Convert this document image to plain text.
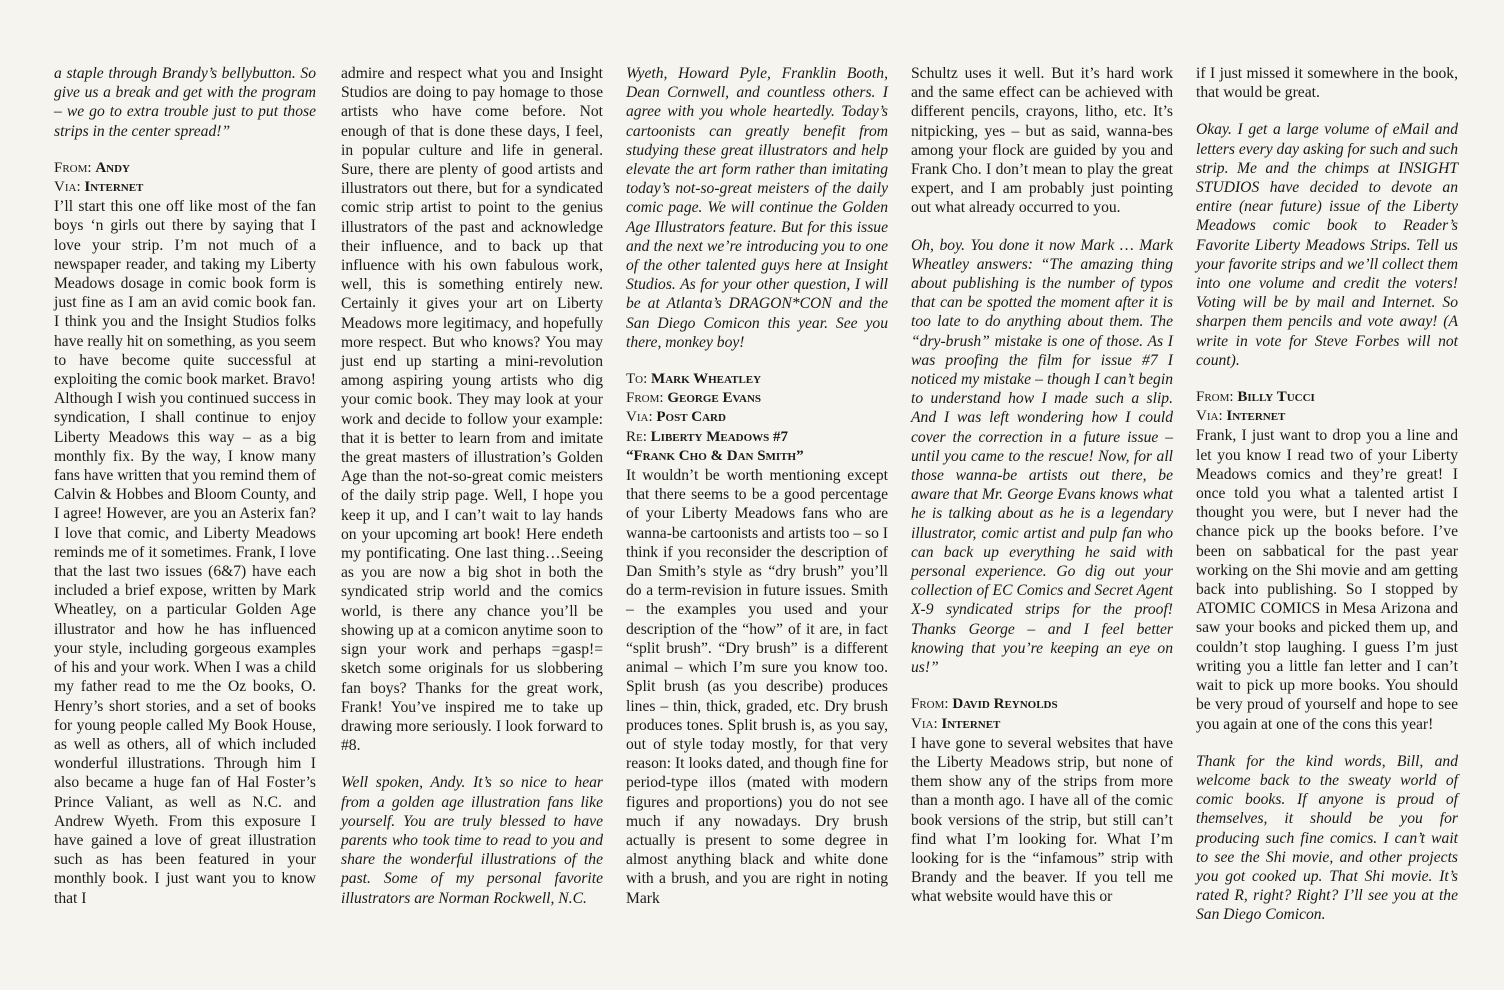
a staple through Brandy’s bellybutton. So give us a break and get with the program – we go to extra trouble just to put those strips in the center spread!”

From: Andy

Via: Internet

I’ll start this one off like most of the fan boys ‘n girls out there by saying that I love your strip. I’m not much of a newspaper reader, and taking my Liberty Meadows dosage in comic book form is just fine as I am an avid comic book fan. I think you and the Insight Studios folks have really hit on something, as you seem to have become quite successful at exploiting the comic book market. Bravo! Although I wish you continued success in syndication, I shall continue to enjoy Liberty Meadows this way – as a big monthly fix. By the way, I know many fans have written that you remind them of Calvin & Hobbes and Bloom County, and I agree! However, are you an Asterix fan? I love that comic, and Liberty Meadows reminds me of it sometimes. Frank, I love that the last two issues (6&7) have each included a brief expose, written by Mark Wheatley, on a particular Golden Age illustrator and how he has influenced your style, including gorgeous examples of his and your work. When I was a child my father read to me the Oz books, O. Henry’s short stories, and a set of books for young people called My Book House, as well as others, all of which included wonderful illustrations. Through him I also became a huge fan of Hal Foster’s Prince Valiant, as well as N.C. and Andrew Wyeth. From this exposure I have gained a love of great illustration such as has been featured in your monthly book. I just want you to know that I

admire and respect what you and Insight Studios are doing to pay homage to those artists who have come before. Not enough of that is done these days, I feel, in popular culture and life in general. Sure, there are plenty of good artists and illustrators out there, but for a syndicated comic strip artist to point to the genius illustrators of the past and acknowledge their influence, and to back up that influence with his own fabulous work, well, this is something entirely new. Certainly it gives your art on Liberty Meadows more legitimacy, and hopefully more respect. But who knows? You may just end up starting a mini-revolution among aspiring young artists who dig your comic book. They may look at your work and decide to follow your example: that it is better to learn from and imitate the great masters of illustration’s Golden Age than the not-so-great comic meisters of the daily strip page. Well, I hope you keep it up, and I can’t wait to lay hands on your upcoming art book! Here endeth my pontificating. One last thing…Seeing as you are now a big shot in both the syndicated strip world and the comics world, is there any chance you’ll be showing up at a comicon anytime soon to sign your work and perhaps =gasp!= sketch some originals for us slobbering fan boys? Thanks for the great work, Frank! You’ve inspired me to take up drawing more seriously. I look forward to #8.

Well spoken, Andy. It’s so nice to hear from a golden age illustration fans like yourself. You are truly blessed to have parents who took time to read to you and share the wonderful illustrations of the past. Some of my personal favorite illustrators are Norman Rockwell, N.C.

Wyeth, Howard Pyle, Franklin Booth, Dean Cornwell, and countless others. I agree with you whole heartedly. Today’s cartoonists can greatly benefit from studying these great illustrators and help elevate the art form rather than imitating today’s not-so-great meisters of the daily comic page. We will continue the Golden Age Illustrators feature. But for this issue and the next we’re introducing you to one of the other talented guys here at Insight Studios. As for your other question, I will be at Atlanta’s DRAGON*CON and the San Diego Comicon this year. See you there, monkey boy!

To: Mark Wheatley

From: George Evans

Via: Post Card

Re: Liberty Meadows #7

“Frank Cho & Dan Smith”

It wouldn’t be worth mentioning except that there seems to be a good percentage of your Liberty Meadows fans who are wanna-be cartoonists and artists too – so I think if you reconsider the description of Dan Smith’s style as “dry brush” you’ll do a term-revision in future issues. Smith – the examples you used and your description of the “how” of it are, in fact “split brush”. “Dry brush” is a different animal – which I’m sure you know too. Split brush (as you describe) produces lines – thin, thick, graded, etc. Dry brush produces tones. Split brush is, as you say, out of style today mostly, for that very reason: It looks dated, and though fine for period-type illos (mated with modern figures and proportions) you do not see much if any nowadays. Dry brush actually is present to some degree in almost anything black and white done with a brush, and you are right in noting Mark

Schultz uses it well. But it’s hard work and the same effect can be achieved with different pencils, crayons, litho, etc. It’s nitpicking, yes – but as said, wanna-bes among your flock are guided by you and Frank Cho. I don’t mean to play the great expert, and I am probably just pointing out what already occurred to you.

Oh, boy. You done it now Mark … Mark Wheatley answers: “The amazing thing about publishing is the number of typos that can be spotted the moment after it is too late to do anything about them. The “dry-brush” mistake is one of those. As I was proofing the film for issue #7 I noticed my mistake – though I can’t begin to understand how I made such a slip. And I was left wondering how I could cover the correction in a future issue – until you came to the rescue! Now, for all those wanna-be artists out there, be aware that Mr. George Evans knows what he is talking about as he is a legendary illustrator, comic artist and pulp fan who can back up everything he said with personal experience. Go dig out your collection of EC Comics and Secret Agent X-9 syndicated strips for the proof! Thanks George – and I feel better knowing that you’re keeping an eye on us!”

From: David Reynolds

Via: Internet

I have gone to several websites that have the Liberty Meadows strip, but none of them show any of the strips from more than a month ago. I have all of the comic book versions of the strip, but still can’t find what I’m looking for. What I’m looking for is the “infamous” strip with Brandy and the beaver. If you tell me what website would have this or

if I just missed it somewhere in the book, that would be great.

Okay. I get a large volume of eMail and letters every day asking for such and such strip. Me and the chimps at INSIGHT STUDIOS have decided to devote an entire (near future) issue of the Liberty Meadows comic book to Reader’s Favorite Liberty Meadows Strips. Tell us your favorite strips and we’ll collect them into one volume and credit the voters! Voting will be by mail and Internet. So sharpen them pencils and vote away! (A write in vote for Steve Forbes will not count).

From: Billy Tucci

Via: Internet

Frank, I just want to drop you a line and let you know I read two of your Liberty Meadows comics and they’re great! I once told you what a talented artist I thought you were, but I never had the chance pick up the books before. I’ve been on sabbatical for the past year working on the Shi movie and am getting back into publishing. So I stopped by ATOMIC COMICS in Mesa Arizona and saw your books and picked them up, and couldn’t stop laughing. I guess I’m just writing you a little fan letter and I can’t wait to pick up more books. You should be very proud of yourself and hope to see you again at one of the cons this year!

Thank for the kind words, Bill, and welcome back to the sweaty world of comic books. If anyone is proud of themselves, it should be you for producing such fine comics. I can’t wait to see the Shi movie, and other projects you got cooked up. That Shi movie. It’s rated R, right? Right? I’ll see you at the San Diego Comicon.
